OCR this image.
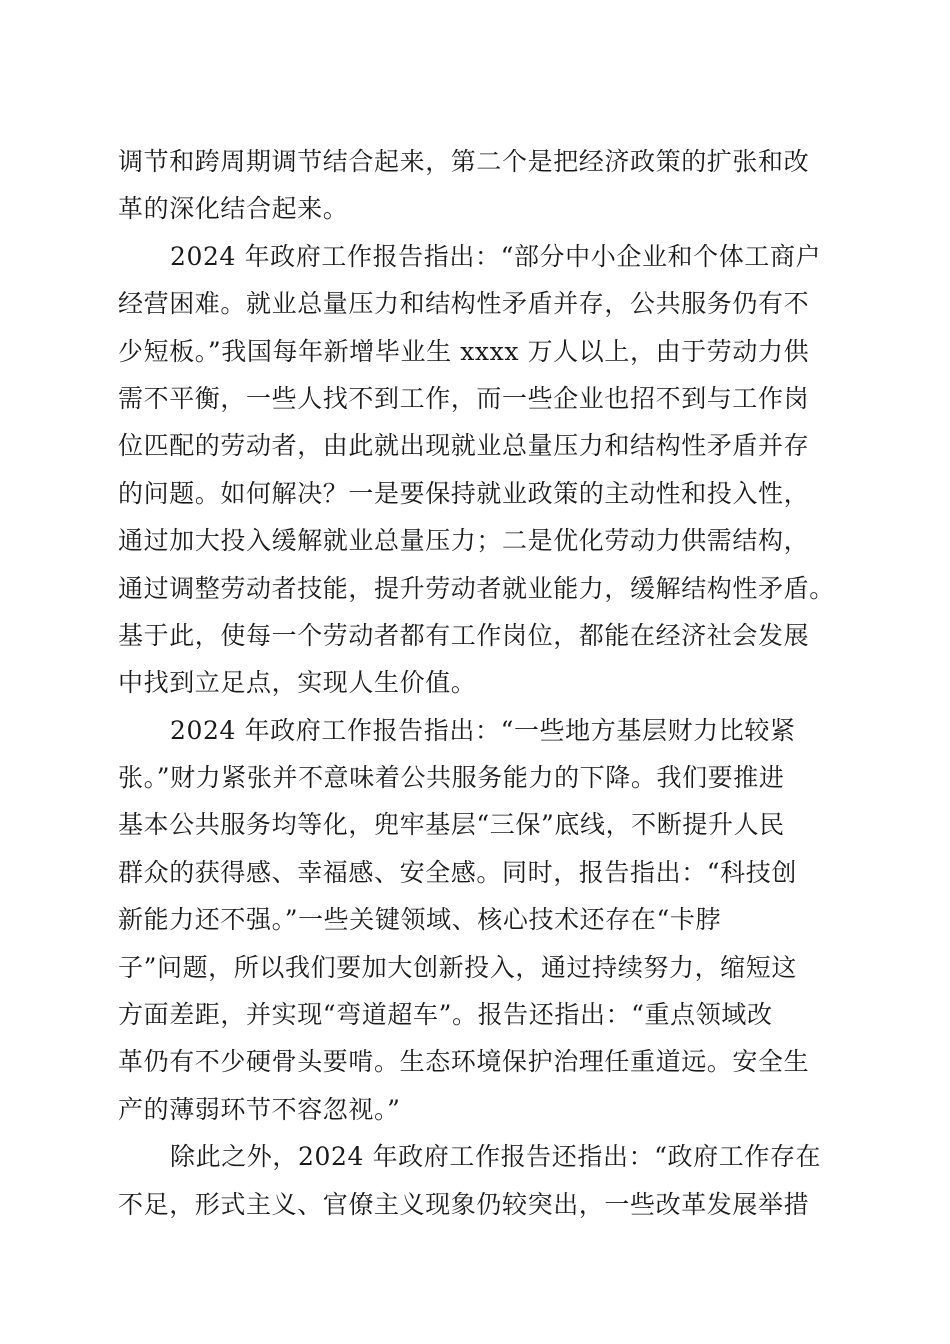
调节和跨周期调节结合起来，第二个是把经济政策的扩张和改
革的深化结合起来。
2024 年政府工作报告指出：“部分中小企业和个体工商户
经营困难。就业总量压力和结构性矛盾并存，公共服务仍有不
少短板。”我国每年新增毕业生 xxxx 万人以上，由于劳动力供
需不平衡，一些人找不到工作，而一些企业也招不到与工作岗
位匹配的劳动者，由此就出现就业总量压力和结构性矛盾并存
的问题。如何解决？一是要保持就业政策的主动性和投入性，
通过加大投入缓解就业总量压力；二是优化劳动力供需结构，
通过调整劳动者技能，提升劳动者就业能力，缓解结构性矛盾。
基于此，使每一个劳动者都有工作岗位，都能在经济社会发展
中找到立足点，实现人生价值。
2024 年政府工作报告指出：“一些地方基层财力比较紧
张。”财力紧张并不意味着公共服务能力的下降。我们要推进
基本公共服务均等化，兜牢基层“三保”底线，不断提升人民
群众的获得感、幸福感、安全感。同时，报告指出：“科技创
新能力还不强。”一些关键领域、核心技术还存在“卡脖
子”问题，所以我们要加大创新投入，通过持续努力，缩短这
方面差距，并实现“弯道超车”。报告还指出：“重点领域改
革仍有不少硬骨头要啃。生态环境保护治理任重道远。安全生
产的薄弱环节不容忽视。”
除此之外，2024 年政府工作报告还指出：“政府工作存在
不足，形式主义、官僚主义现象仍较突出，一些改革发展举措
